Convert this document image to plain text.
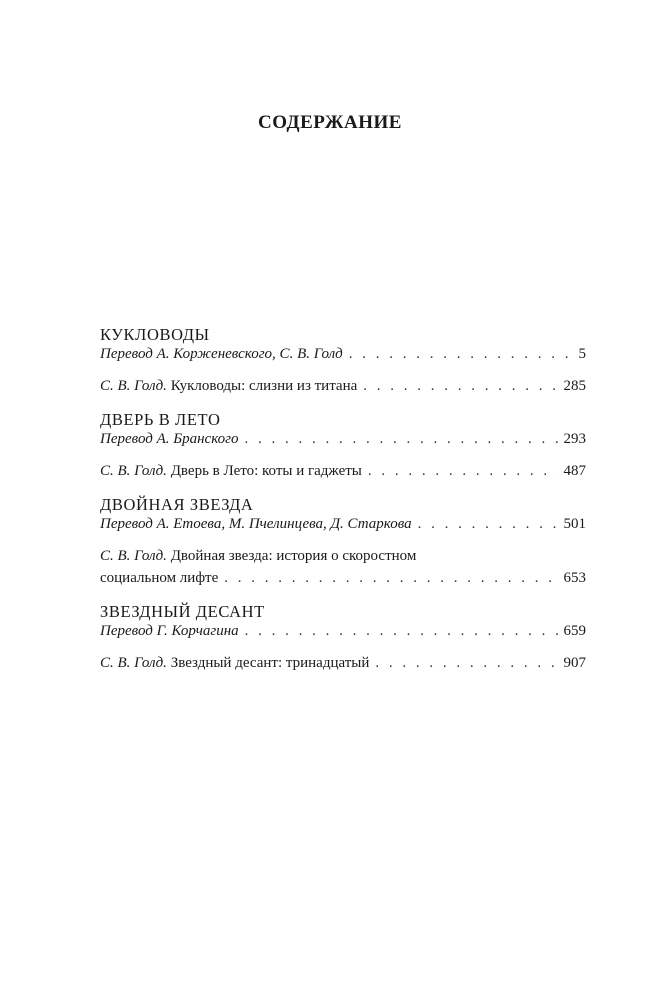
СОДЕРЖАНИЕ
КУКЛОВОДЫ
Перевод А. Корженевского, С. В. Голд . . .	5
С. В. Голд. Кукловоды: слизни из титана . . .	285
ДВЕРЬ В ЛЕТО
Перевод А. Бранского . . .	293
С. В. Голд. Дверь в Лето: коты и гаджеты . . .	487
ДВОЙНАЯ ЗВЕЗДА
Перевод А. Етоева, М. Пчелинцева, Д. Старкова . . .	501
С. В. Голд. Двойная звезда: история о скоростном
социальном лифте . . .	653
ЗВЕЗДНЫЙ ДЕСАНТ
Перевод Г. Корчагина . . .	659
С. В. Голд. Звездный десант: тринадцатый . . .	907
